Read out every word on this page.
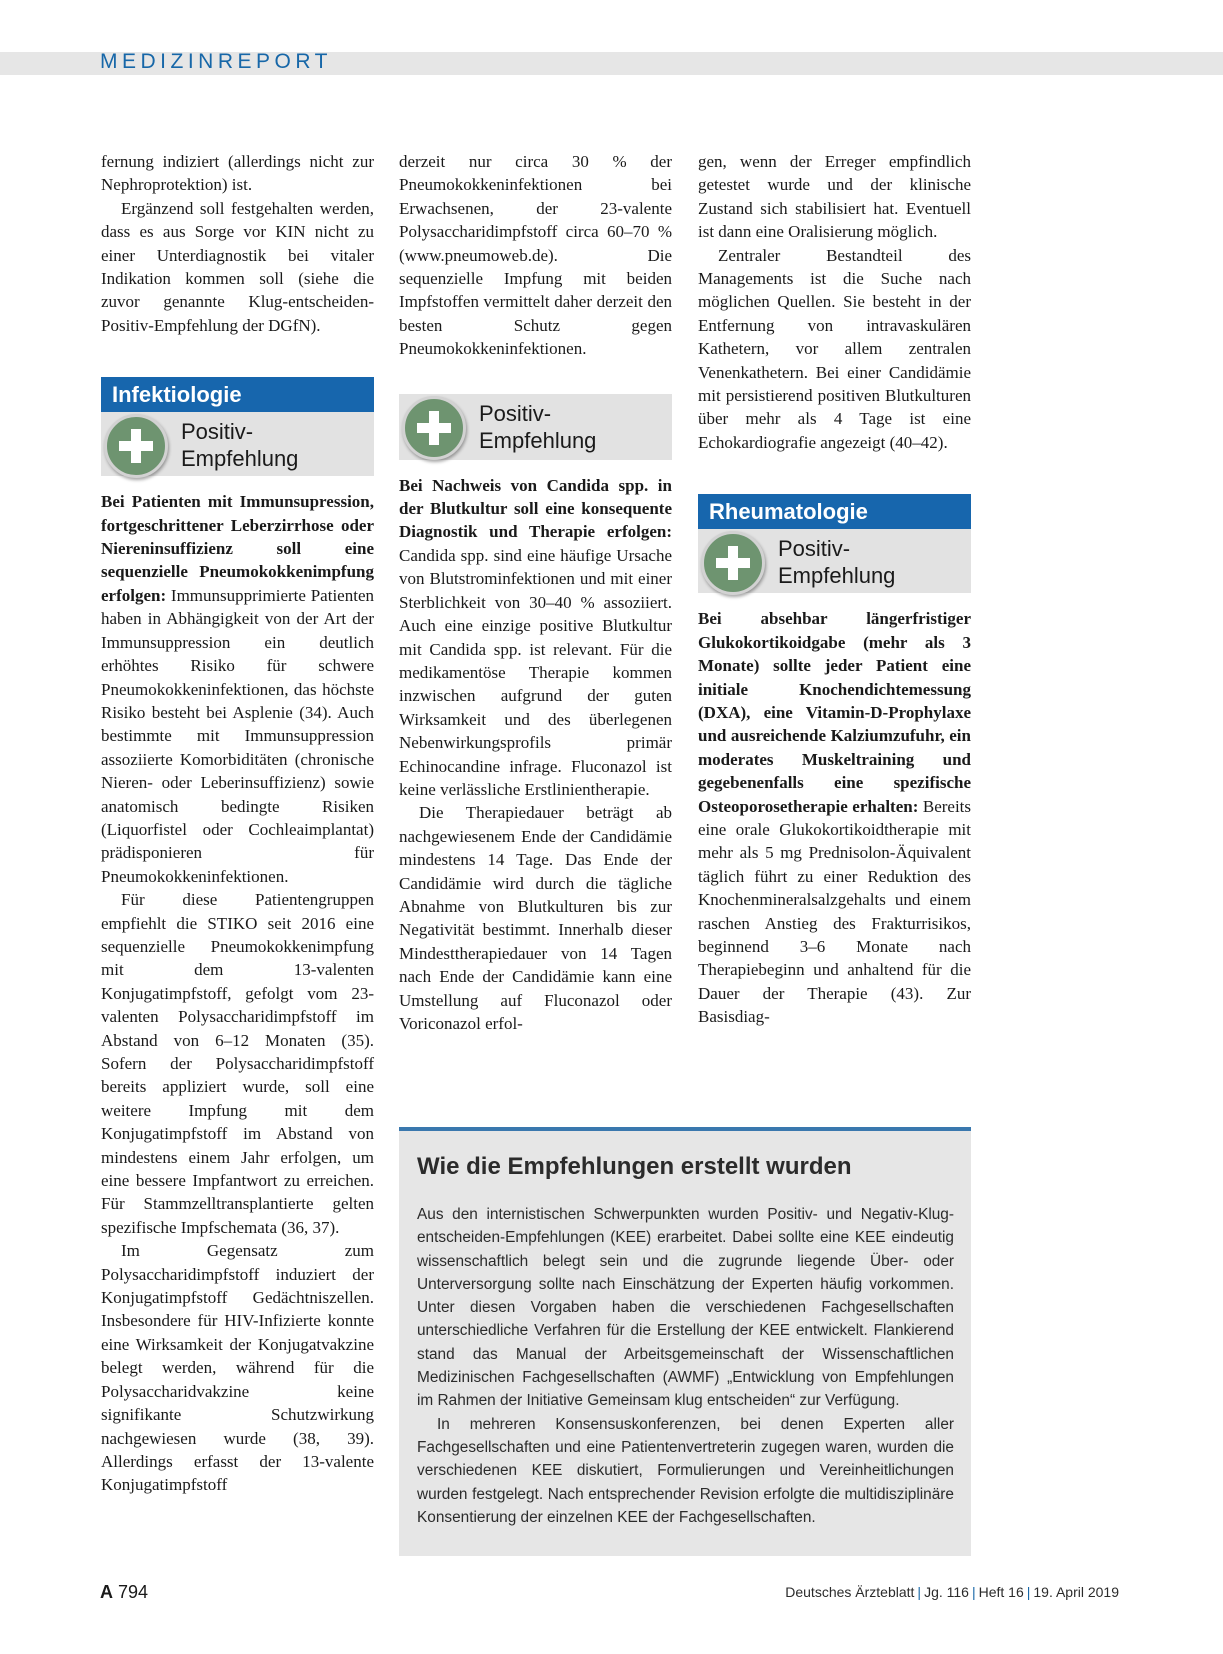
MEDIZINREPORT

fernung indiziert (allerdings nicht zur Nephroprotektion) ist.

Ergänzend soll festgehalten werden, dass es aus Sorge vor KIN nicht zu einer Unterdiagnostik bei vitaler Indikation kommen soll (siehe die zuvor genannte Klug-entscheiden-Positiv-Empfehlung der DGfN).

Infektiologie
Positiv-
Empfehlung

Bei Patienten mit Immunsupression, fortgeschrittener Leberzirrhose oder Niereninsuffizienz soll eine sequenzielle Pneumokokkenimpfung erfolgen: Immunsupprimierte Patienten haben in Abhängigkeit von der Art der Immunsuppression ein deutlich erhöhtes Risiko für schwere Pneumokokkeninfektionen, das höchste Risiko besteht bei Asplenie (34). Auch bestimmte mit Immunsuppression assoziierte Komorbiditäten (chronische Nieren- oder Leberinsuffizienz) sowie anatomisch bedingte Risiken (Liquorfistel oder Cochleaimplantat) prädisponieren für Pneumokokkeninfektionen.

Für diese Patientengruppen empfiehlt die STIKO seit 2016 eine sequenzielle Pneumokokkenimpfung mit dem 13-valenten Konjugatimpfstoff, gefolgt vom 23-valenten Polysaccharidimpfstoff im Abstand von 6–12 Monaten (35). Sofern der Polysaccharidimpfstoff bereits appliziert wurde, soll eine weitere Impfung mit dem Konjugatimpfstoff im Abstand von mindestens einem Jahr erfolgen, um eine bessere Impfantwort zu erreichen. Für Stammzelltransplantierte gelten spezifische Impfschemata (36, 37).

Im Gegensatz zum Polysaccharidimpfstoff induziert der Konjugatimpfstoff Gedächtniszellen. Insbesondere für HIV-Infizierte konnte eine Wirksamkeit der Konjugatvakzine belegt werden, während für die Polysaccharidvakzine keine signifikante Schutzwirkung nachgewiesen wurde (38, 39). Allerdings erfasst der 13-valente Konjugatimpfstoff

derzeit nur circa 30 % der Pneumokokkeninfektionen bei Erwachsenen, der 23-valente Polysaccharidimpfstoff circa 60–70 % (www.pneumoweb.de). Die sequenzielle Impfung mit beiden Impfstoffen vermittelt daher derzeit den besten Schutz gegen Pneumokokkeninfektionen.

Positiv-
Empfehlung

Bei Nachweis von Candida spp. in der Blutkultur soll eine konsequente Diagnostik und Therapie erfolgen: Candida spp. sind eine häufige Ursache von Blutstrominfektionen und mit einer Sterblichkeit von 30–40 % assoziiert. Auch eine einzige positive Blutkultur mit Candida spp. ist relevant. Für die medikamentöse Therapie kommen inzwischen aufgrund der guten Wirksamkeit und des überlegenen Nebenwirkungsprofils primär Echinocandine infrage. Fluconazol ist keine verlässliche Erstlinientherapie.

Die Therapiedauer beträgt ab nachgewiesenem Ende der Candidämie mindestens 14 Tage. Das Ende der Candidämie wird durch die tägliche Abnahme von Blutkulturen bis zur Negativität bestimmt. Innerhalb dieser Mindesttherapiedauer von 14 Tagen nach Ende der Candidämie kann eine Umstellung auf Fluconazol oder Voriconazol erfol-

gen, wenn der Erreger empfindlich getestet wurde und der klinische Zustand sich stabilisiert hat. Eventuell ist dann eine Oralisierung möglich.

Zentraler Bestandteil des Managements ist die Suche nach möglichen Quellen. Sie besteht in der Entfernung von intravaskulären Kathetern, vor allem zentralen Venenkathetern. Bei einer Candidämie mit persistierend positiven Blutkulturen über mehr als 4 Tage ist eine Echokardiografie angezeigt (40–42).

Rheumatologie
Positiv-
Empfehlung

Bei absehbar längerfristiger Glukokortikoidgabe (mehr als 3 Monate) sollte jeder Patient eine initiale Knochendichtemessung (DXA), eine Vitamin-D-Prophylaxe und ausreichende Kalziumzufuhr, ein moderates Muskeltraining und gegebenenfalls eine spezifische Osteoporosetherapie erhalten: Bereits eine orale Glukokortikoidtherapie mit mehr als 5 mg Prednisolon-Äquivalent täglich führt zu einer Reduktion des Knochenmineralsalzgehalts und einem raschen Anstieg des Frakturrisikos, beginnend 3–6 Monate nach Therapiebeginn und anhaltend für die Dauer der Therapie (43). Zur Basisdiag-

Wie die Empfehlungen erstellt wurden

Aus den internistischen Schwerpunkten wurden Positiv- und Negativ-Klug-entscheiden-Empfehlungen (KEE) erarbeitet. Dabei sollte eine KEE eindeutig wissenschaftlich belegt sein und die zugrunde liegende Über- oder Unterversorgung sollte nach Einschätzung der Experten häufig vorkommen. Unter diesen Vorgaben haben die verschiedenen Fachgesellschaften unterschiedliche Verfahren für die Erstellung der KEE entwickelt. Flankierend stand das Manual der Arbeitsgemeinschaft der Wissenschaftlichen Medizinischen Fachgesellschaften (AWMF) „Entwicklung von Empfehlungen im Rahmen der Initiative Gemeinsam klug entscheiden“ zur Verfügung.

In mehreren Konsensuskonferenzen, bei denen Experten aller Fachgesellschaften und eine Patientenvertreterin zugegen waren, wurden die verschiedenen KEE diskutiert, Formulierungen und Vereinheitlichungen wurden festgelegt. Nach entsprechender Revision erfolgte die multidisziplinäre Konsentierung der einzelnen KEE der Fachgesellschaften.

A 794	Deutsches Ärzteblatt | Jg. 116 | Heft 16 | 19. April 2019
